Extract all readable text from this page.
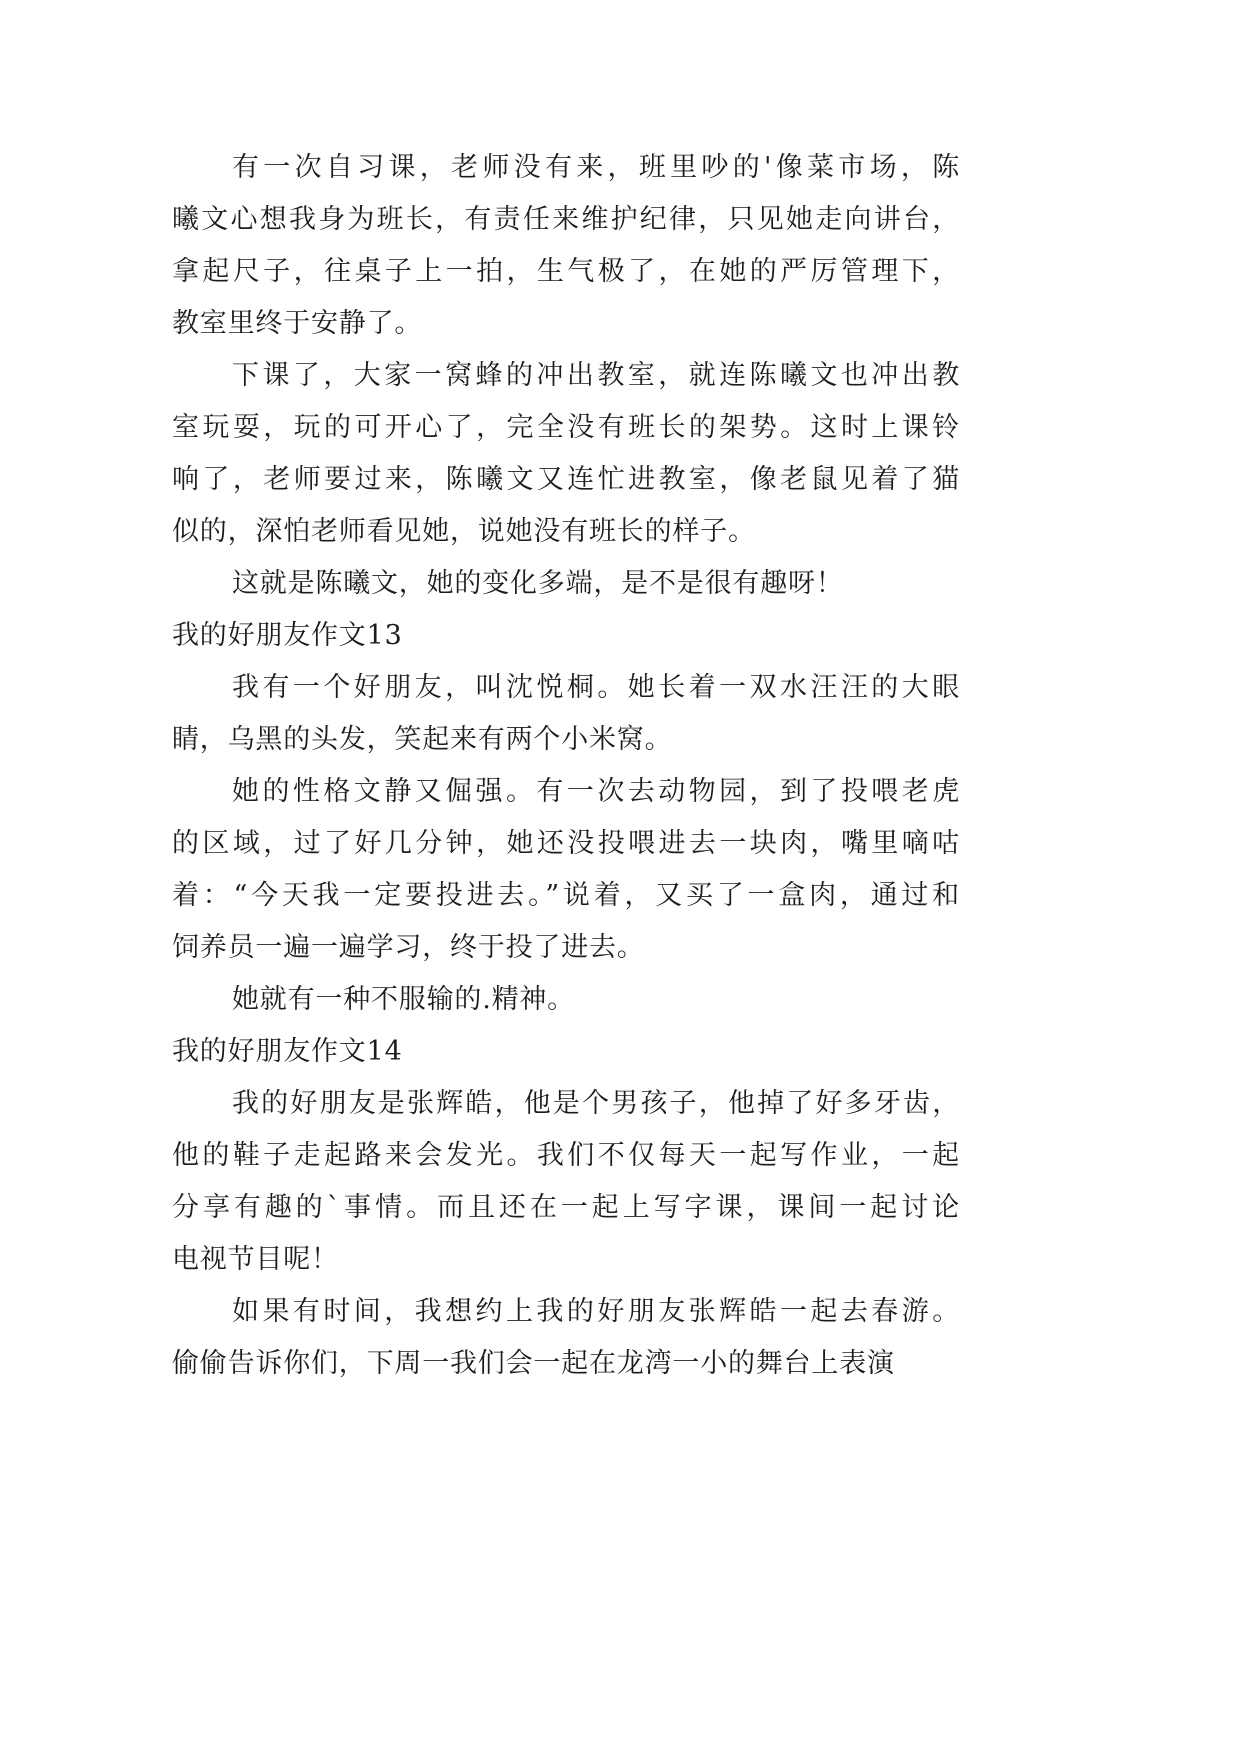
有一次自习课，老师没有来，班里吵的'像菜市场，陈
曦文心想我身为班长，有责任来维护纪律，只见她走向讲台，
拿起尺子，往桌子上一拍，生气极了，在她的严厉管理下，
教室里终于安静了。
下课了，大家一窝蜂的冲出教室，就连陈曦文也冲出教
室玩耍，玩的可开心了，完全没有班长的架势。这时上课铃
响了，老师要过来，陈曦文又连忙进教室，像老鼠见着了猫
似的，深怕老师看见她，说她没有班长的样子。
这就是陈曦文，她的变化多端，是不是很有趣呀！
我的好朋友作文13
我有一个好朋友，叫沈悦桐。她长着一双水汪汪的大眼
睛，乌黑的头发，笑起来有两个小米窝。
她的性格文静又倔强。有一次去动物园，到了投喂老虎
的区域，过了好几分钟，她还没投喂进去一块肉，嘴里嘀咕
着：“今天我一定要投进去。”说着，又买了一盒肉，通过和
饲养员一遍一遍学习，终于投了进去。
她就有一种不服输的.精神。
我的好朋友作文14
我的好朋友是张辉皓，他是个男孩子，他掉了好多牙齿，
他的鞋子走起路来会发光。我们不仅每天一起写作业，一起
分享有趣的`事情。而且还在一起上写字课，课间一起讨论
电视节目呢！
如果有时间，我想约上我的好朋友张辉皓一起去春游。
偷偷告诉你们，下周一我们会一起在龙湾一小的舞台上表演
